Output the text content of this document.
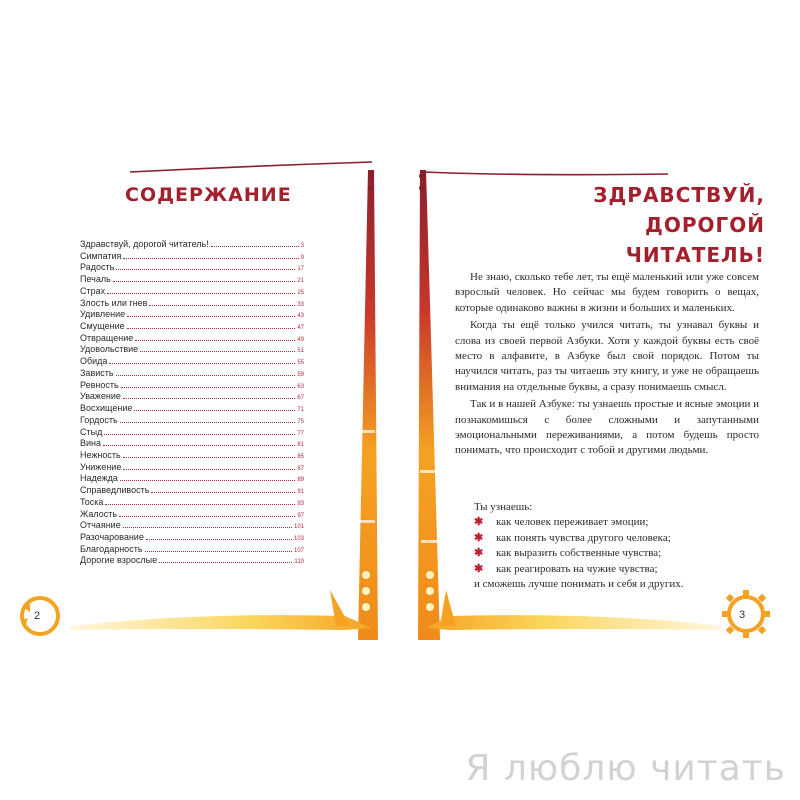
СОДЕРЖАНИЕ
Здравствуй, дорогой читатель!	3
Симпатия	9
Радость	17
Печаль	21
Страх	25
Злость или гнев	33
Удивление	43
Смущение	47
Отвращение	49
Удовольствие	51
Обида	55
Зависть	59
Ревность	63
Уважение	67
Восхищение	71
Гордость	75
Стыд	77
Вина	81
Нежность	85
Унижение	87
Надежда	89
Справедливость	91
Тоска	93
Жалость	97
Отчаяние	101
Разочарование	103
Благодарность	107
Дорогие взрослые	110
2
ЗДРАВСТВУЙ,
ДОРОГОЙ ЧИТАТЕЛЬ!

Не знаю, сколько тебе лет, ты ещё маленький или уже совсем взрослый человек. Но сейчас мы будем говорить о вещах, которые одинаково важны в жизни и больших и маленьких.

Когда ты ещё только учился читать, ты узнавал буквы и слова из своей первой Азбуки. Хотя у каждой буквы есть своё место в алфавите, в Азбуке был свой порядок. Потом ты научился читать, раз ты читаешь эту книгу, и уже не обращаешь внимания на отдельные буквы, а сразу понимаешь смысл.

Так и в нашей Азбуке: ты узнаешь простые и ясные эмоции и познакомишься с более сложными и запутанными эмоциональными переживаниями, а потом будешь просто понимать, что происходит с тобой и другими людьми.

Ты узнаешь:
✱ как человек переживает эмоции;
✱ как понять чувства другого человека;
✱ как выразить собственные чувства;
✱ как реагировать на чужие чувства;
и сможешь лучше понимать и себя и других.
3
Я люблю читать
